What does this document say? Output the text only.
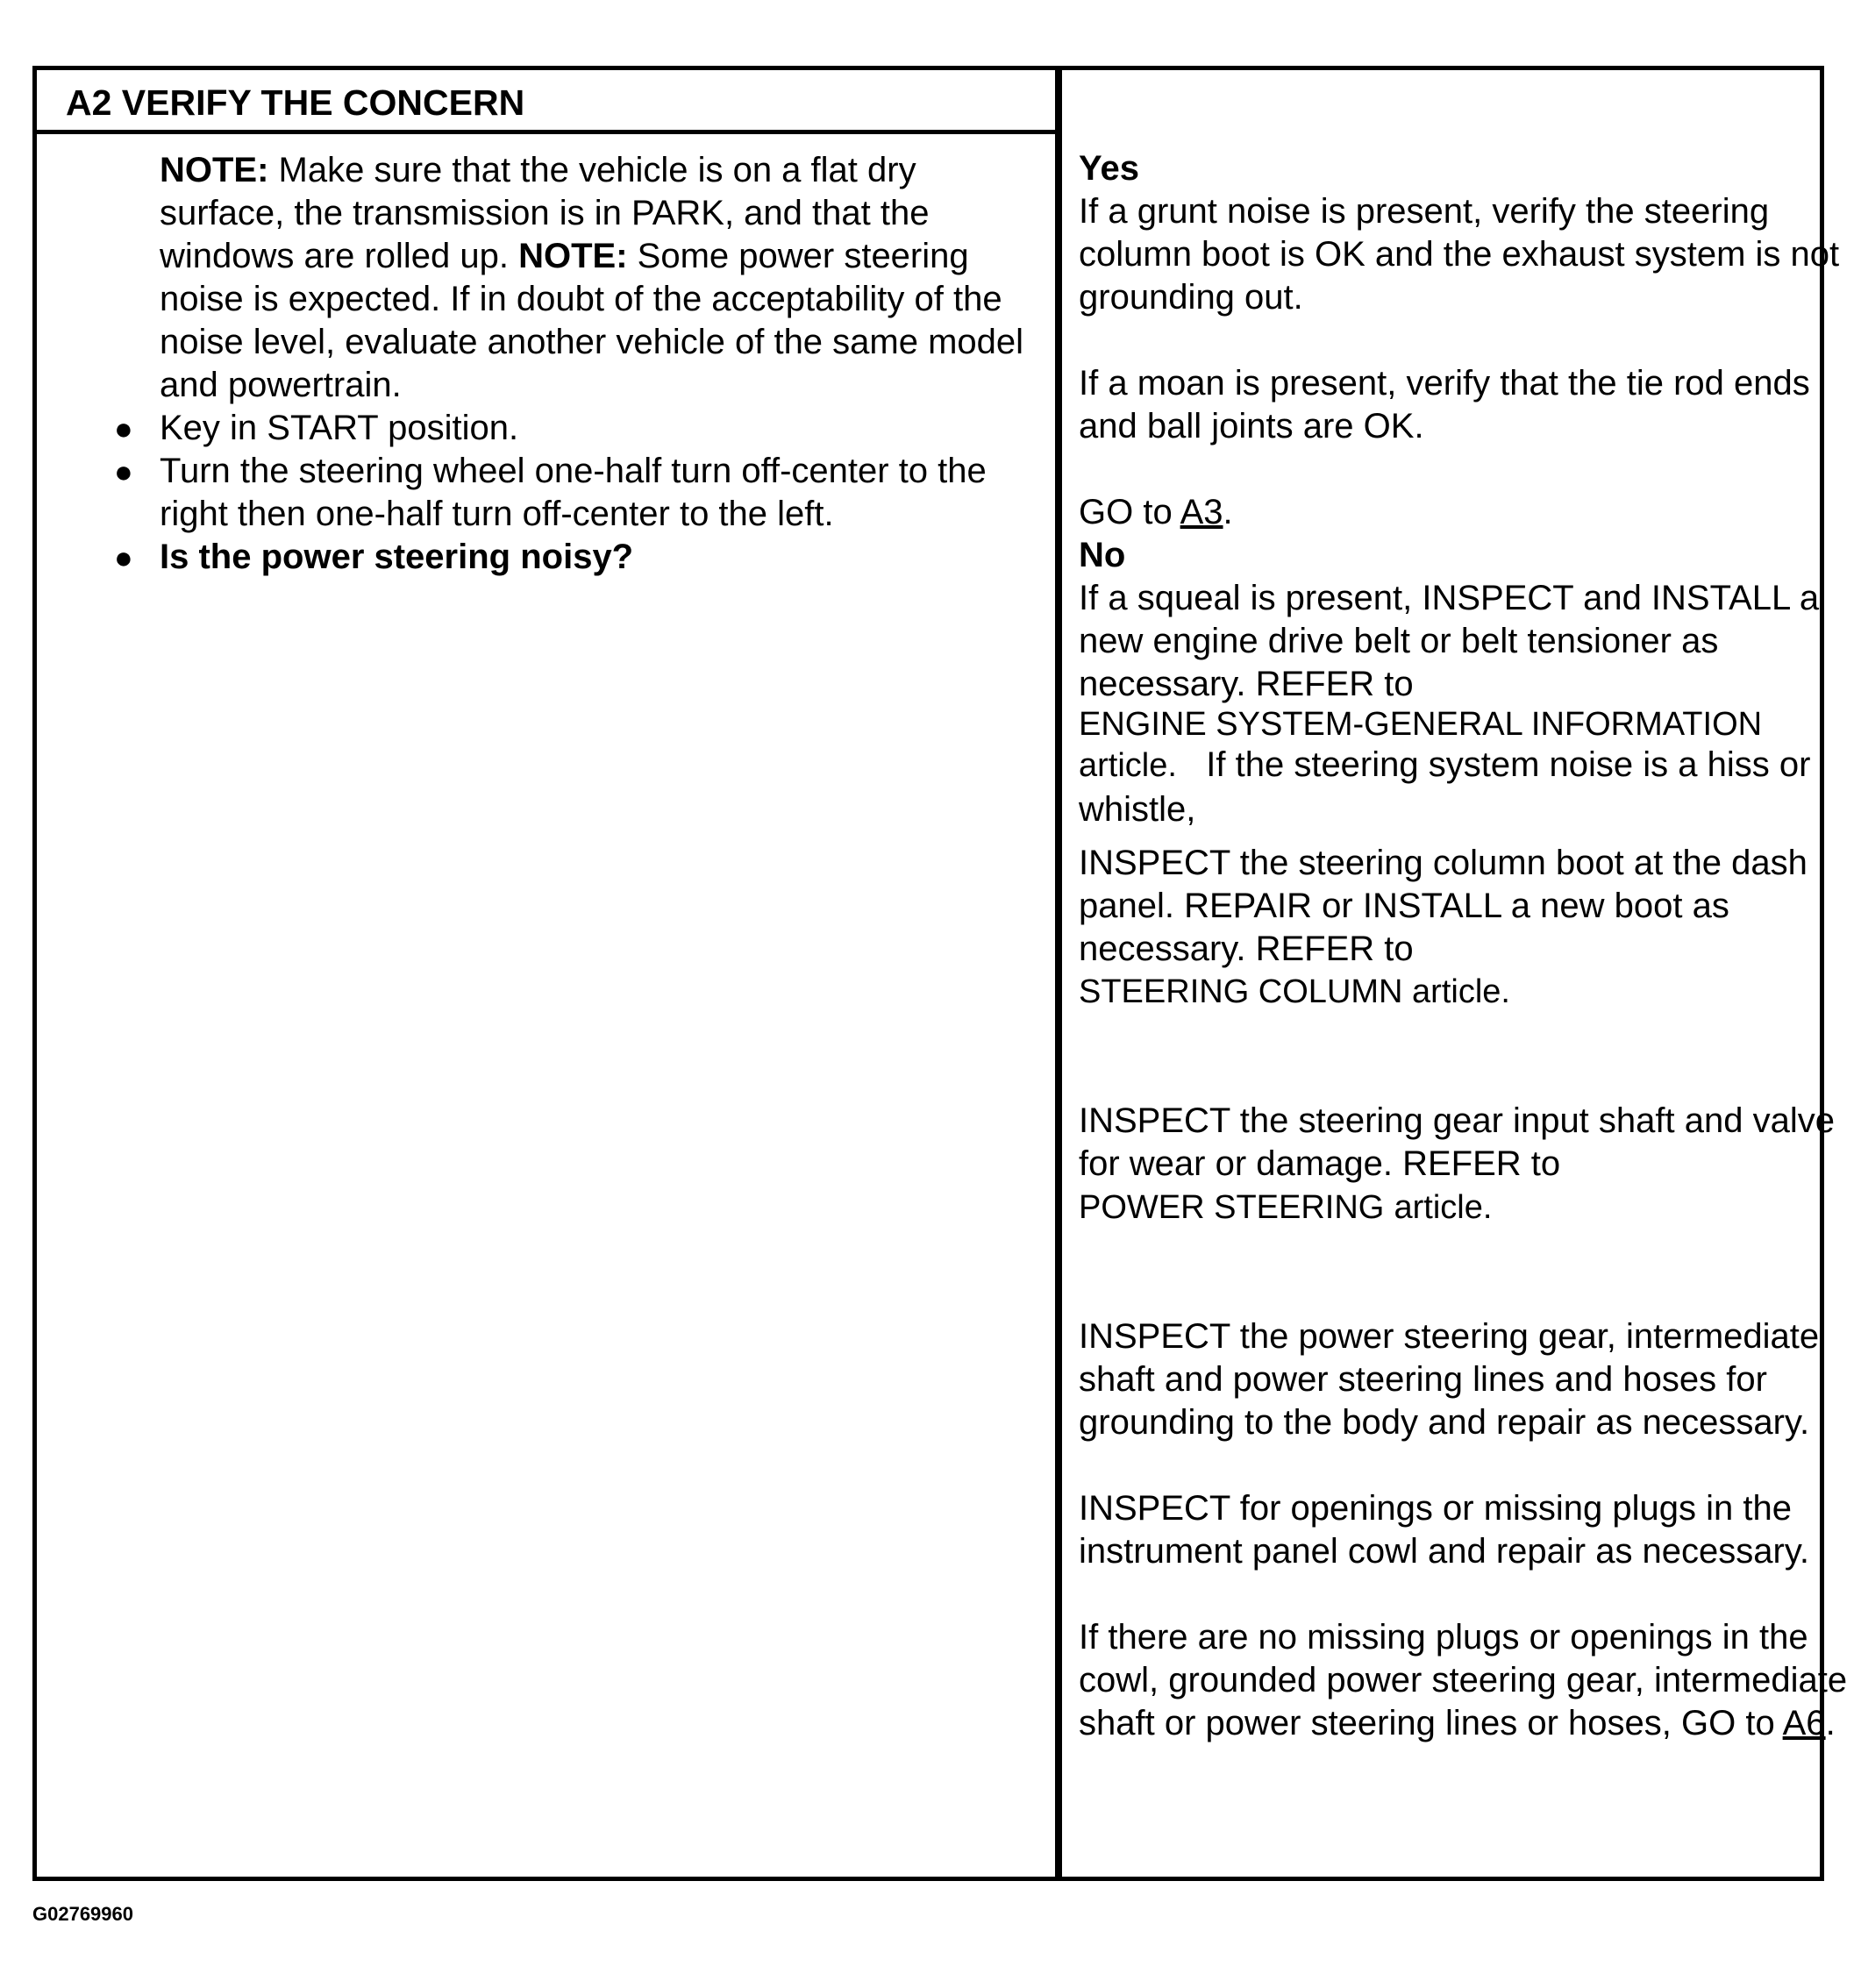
A2 VERIFY THE CONCERN
NOTE: Make sure that the vehicle is on a flat dry surface, the transmission is in PARK, and that the windows are rolled up. NOTE: Some power steering noise is expected. If in doubt of the acceptability of the noise level, evaluate another vehicle of the same model and powertrain.
● Key in START position.
● Turn the steering wheel one-half turn off-center to the right then one-half turn off-center to the left.
● Is the power steering noisy?

Yes

If a grunt noise is present, verify the steering column boot is OK and the exhaust system is not grounding out.

If a moan is present, verify that the tie rod ends and ball joints are OK.

GO to A3.

No

If a squeal is present, INSPECT and INSTALL a new engine drive belt or belt tensioner as necessary. REFER to

ENGINE SYSTEM-GENERAL INFORMATION

article. If the steering system noise is a hiss or whistle,

INSPECT the steering column boot at the dash panel. REPAIR or INSTALL a new boot as necessary. REFER to

STEERING COLUMN article.

INSPECT the steering gear input shaft and valve for wear or damage. REFER to

POWER STEERING article.

INSPECT the power steering gear, intermediate shaft and power steering lines and hoses for grounding to the body and repair as necessary.

INSPECT for openings or missing plugs in the instrument panel cowl and repair as necessary.

If there are no missing plugs or openings in the cowl, grounded power steering gear, intermediate shaft or power steering lines or hoses, GO to A6.

G02769960
